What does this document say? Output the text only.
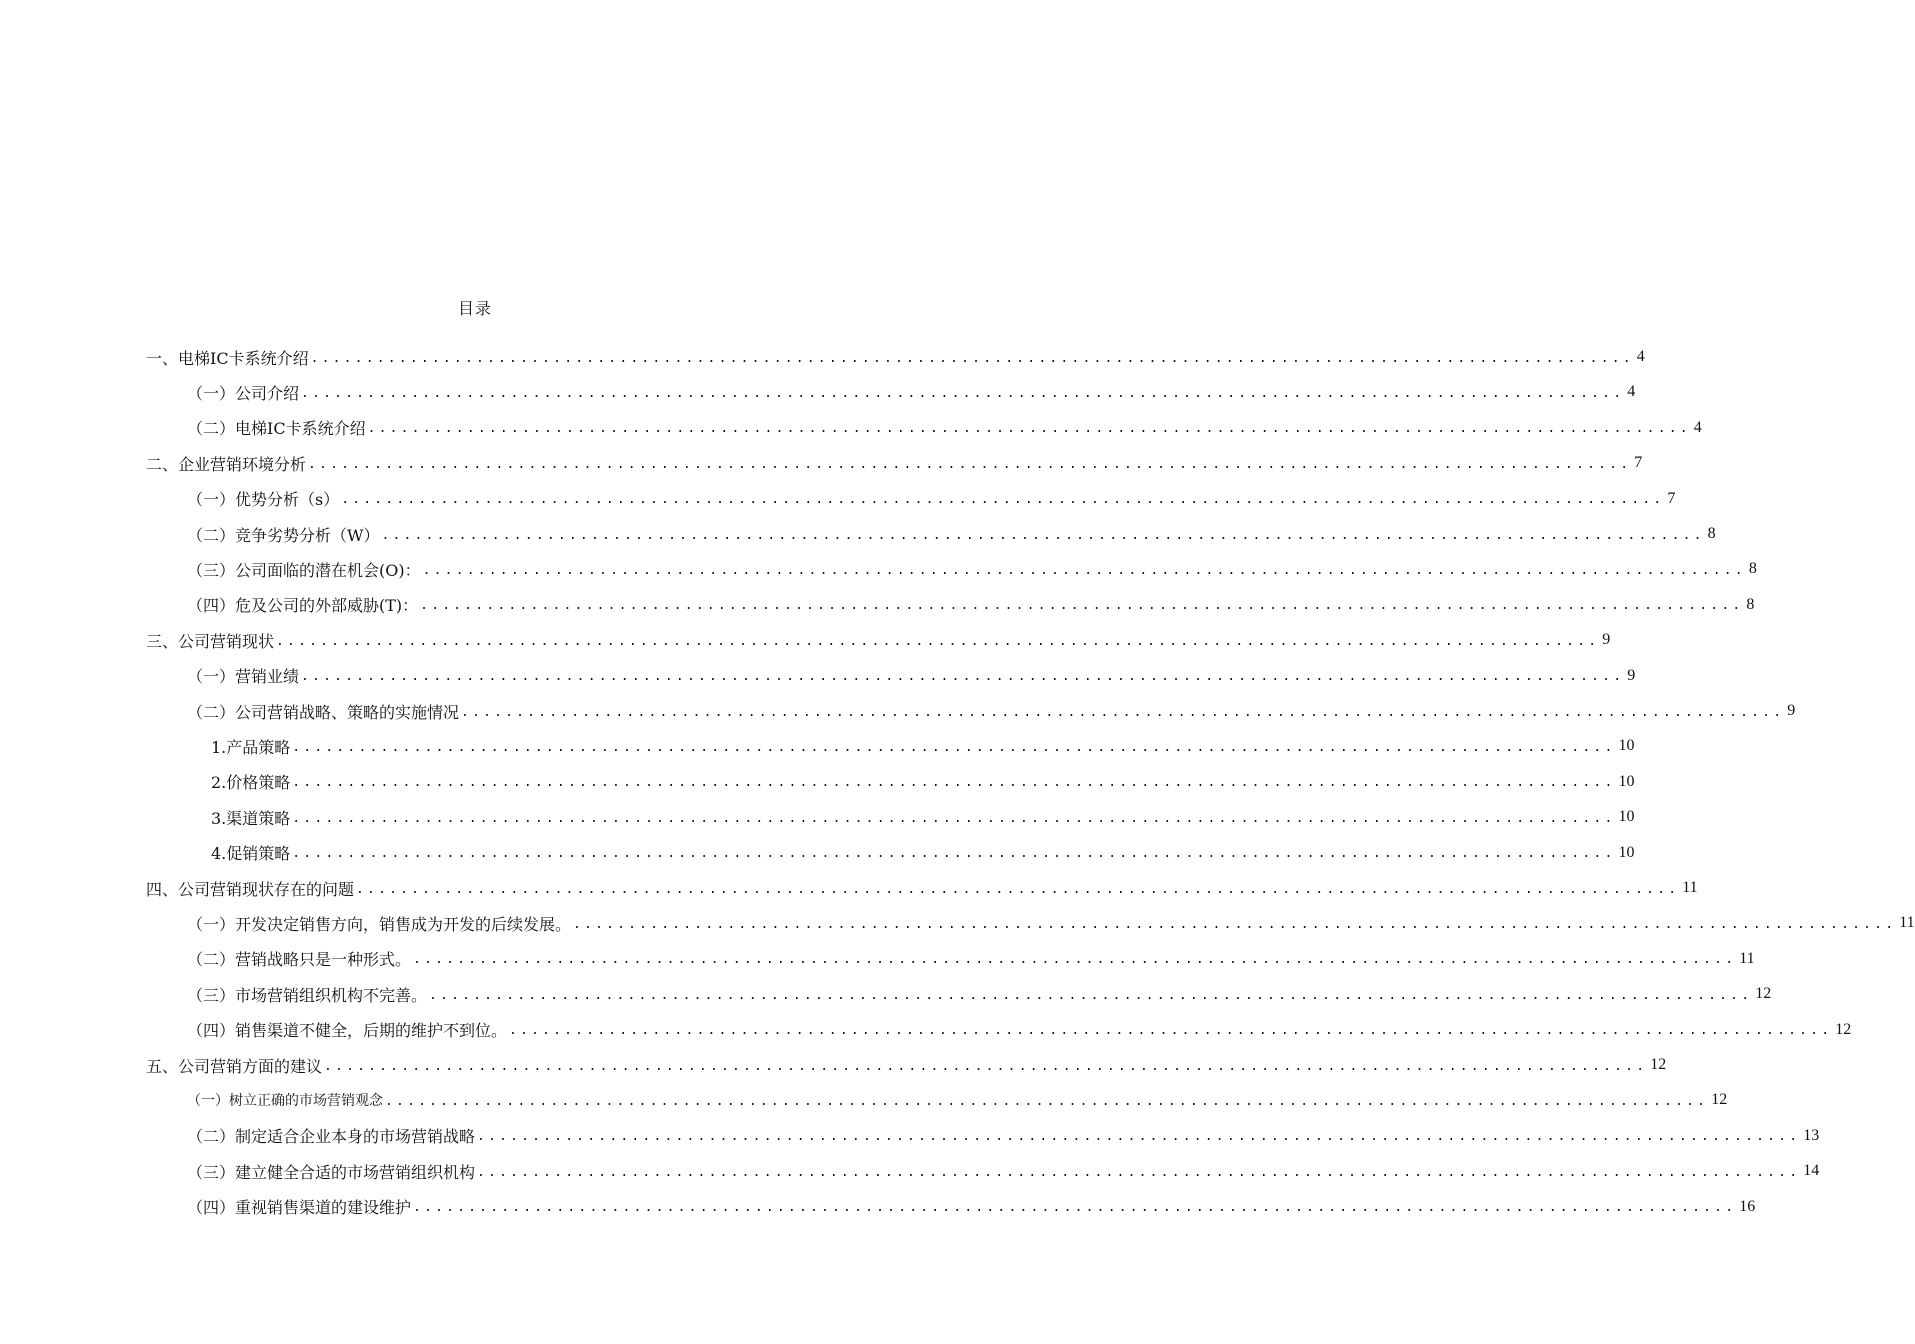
目录
一、电梯IC卡系统介绍 ........................................................................................................................ 4
（一）公司介绍 ........................................................................................................................ 4
（二）电梯IC卡系统介绍 ........................................................................................................................ 4
二、企业营销环境分析 ........................................................................................................................ 7
（一）优势分析（s） ........................................................................................................................ 7
（二）竞争劣势分析（W） ........................................................................................................................ 8
（三）公司面临的潜在机会(O)： ........................................................................................................................ 8
（四）危及公司的外部威胁(T)： ........................................................................................................................ 8
三、公司营销现状 ........................................................................................................................ 9
（一）营销业绩 ........................................................................................................................ 9
（二）公司营销战略、策略的实施情况 ........................................................................................................................ 9
1.产品策略 ........................................................................................................................ 10
2.价格策略 ........................................................................................................................ 10
3.渠道策略 ........................................................................................................................ 10
4.促销策略 ........................................................................................................................ 10
四、公司营销现状存在的问题 ........................................................................................................................ 11
（一）开发决定销售方向，销售成为开发的后续发展。 ........................................................................................................................ 11
（二）营销战略只是一种形式。 ........................................................................................................................ 11
（三）市场营销组织机构不完善。 ........................................................................................................................ 12
（四）销售渠道不健全，后期的维护不到位。 ........................................................................................................................ 12
五、公司营销方面的建议 ........................................................................................................................ 12
（一）树立正确的市场营销观念 ........................................................................................................................ 12
（二）制定适合企业本身的市场营销战略 ........................................................................................................................ 13
（三）建立健全合适的市场营销组织机构 ........................................................................................................................ 14
（四）重视销售渠道的建设维护 ........................................................................................................................ 16
